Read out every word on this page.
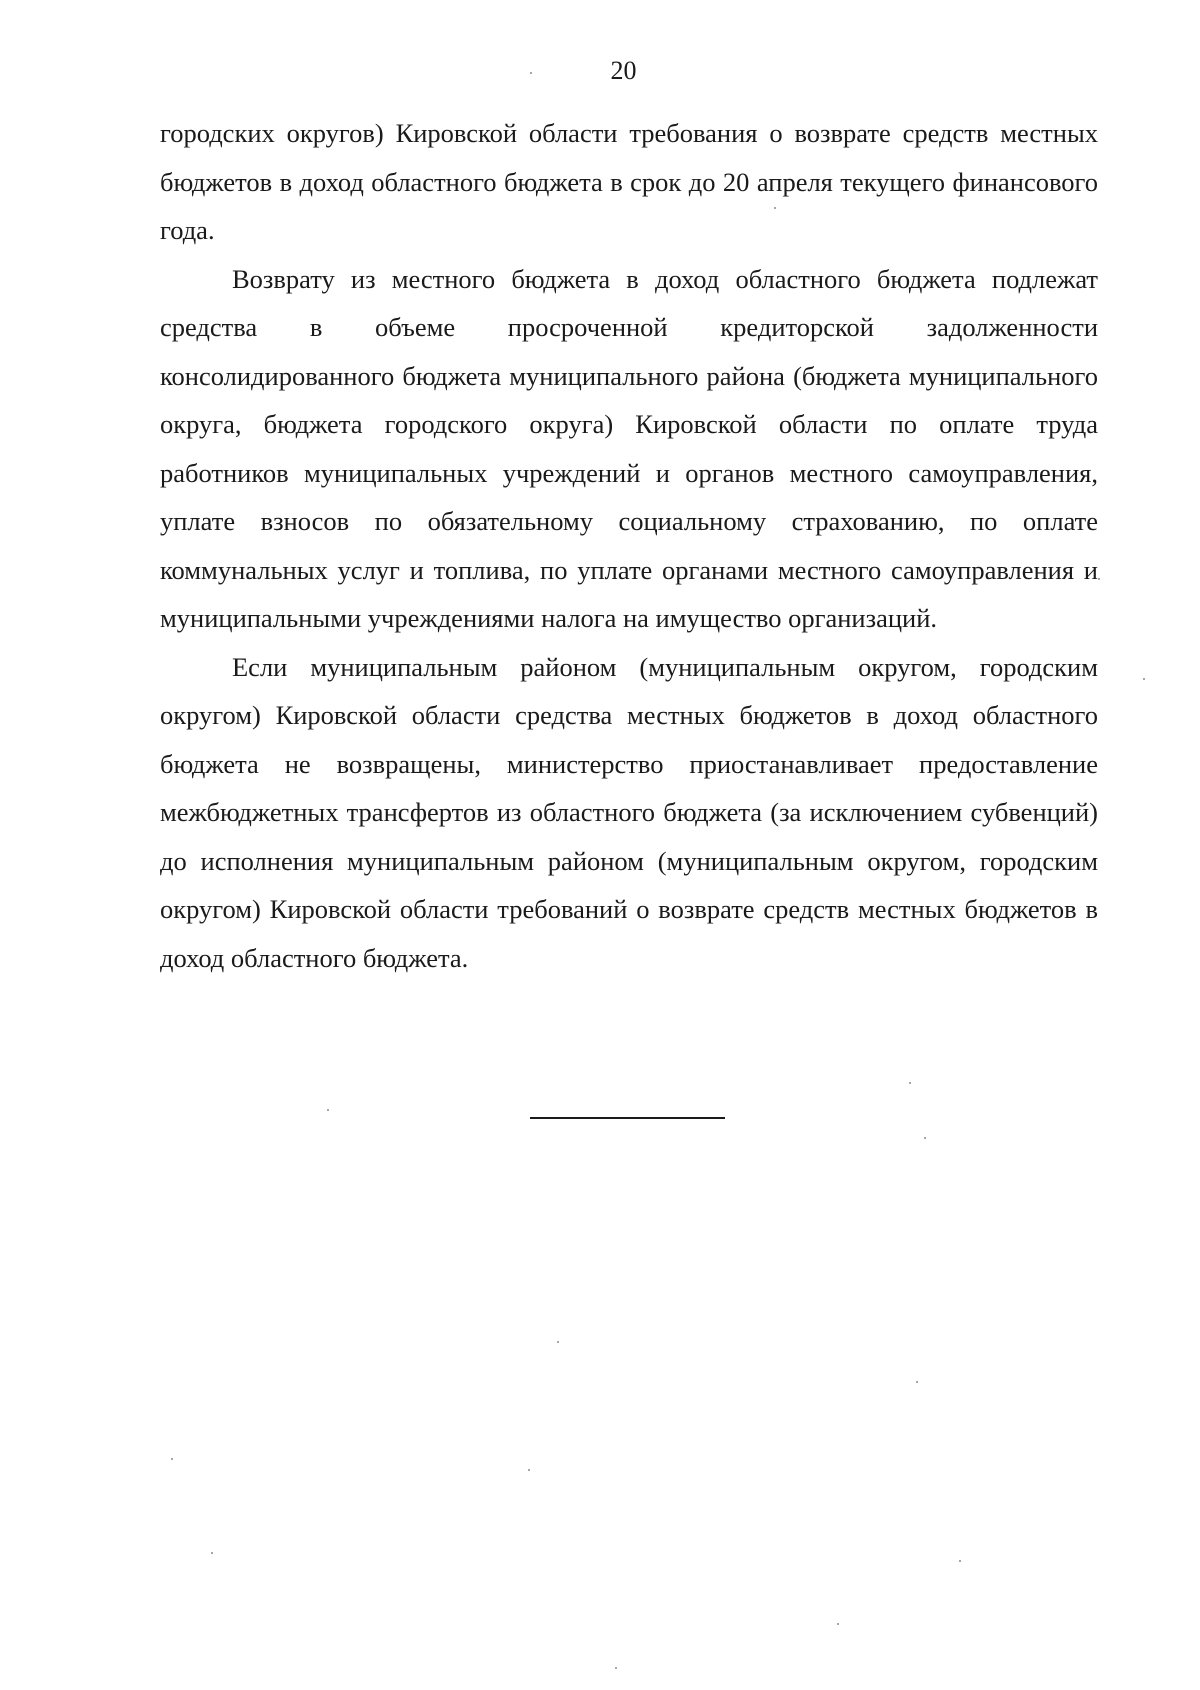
20

городских округов) Кировской области требования о возврате средств местных бюджетов в доход областного бюджета в срок до 20 апреля текущего финансового года.

Возврату из местного бюджета в доход областного бюджета подлежат средства в объеме просроченной кредиторской задолженности консолидированного бюджета муниципального района (бюджета муниципального округа, бюджета городского округа) Кировской области по оплате труда работников муниципальных учреждений и органов местного самоуправления, уплате взносов по обязательному социальному страхованию, по оплате коммунальных услуг и топлива, по уплате органами местного самоуправления и муниципальными учреждениями налога на имущество организаций.

Если муниципальным районом (муниципальным округом, городским округом) Кировской области средства местных бюджетов в доход областного бюджета не возвращены, министерство приостанавливает предоставление межбюджетных трансфертов из областного бюджета (за исключением субвенций) до исполнения муниципальным районом (муниципальным округом, городским округом) Кировской области требований о возврате средств местных бюджетов в доход областного бюджета.
